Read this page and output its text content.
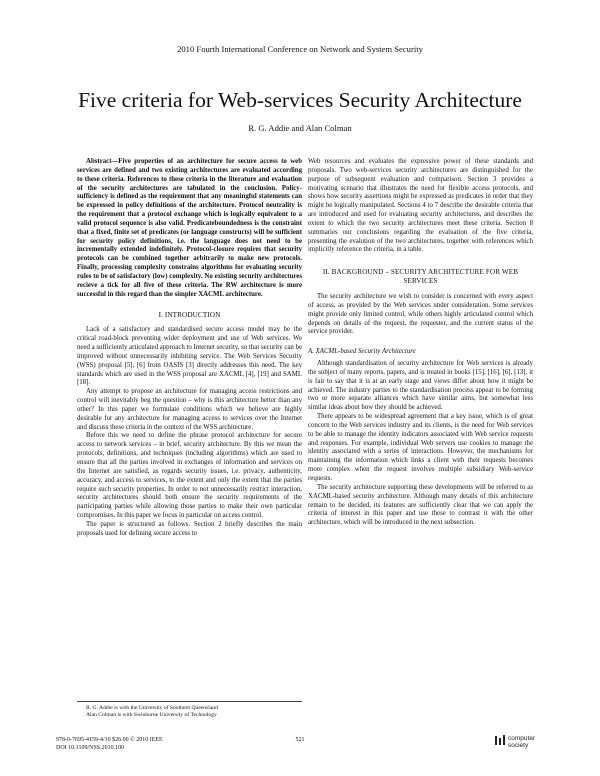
2010 Fourth International Conference on Network and System Security
Five criteria for Web-services Security Architecture
R. G. Addie and Alan Colman

Abstract—Five properties of an architecture for secure access to web services are defined and two existing architectures are evaluated according to these criteria. References to these criteria in the literature and evaluation of the security architectures are tabulated in the conclusion. Policy-sufficiency is defined as the requirement that any meaningful statements can be expressed in policy definitions of the architecture. Protocol neutrality is the requirement that a protocol exchange which is logically equivalent to a valid protocol sequence is also valid. Predicateboundedness is the constraint that a fixed, finite set of predicates (or language constructs) will be sufficient for security policy definitions, i.e. the language does not need to be incrementally extended indefinitely. Protocol-closure requires that security protocols can be combined together arbitrarily to make new protocols. Finally, processing complexity constrains algorithms for evaluating security rules to be of satisfactory (low) complexity. No existing security architectures recieve a tick for all five of these criteria. The RW architecture is more successful in this regard than the simpler XACML architecture.

I. INTRODUCTION

Lack of a satisfactory and standardised secure access model may be the critical road-block preventing wider deployment and use of Web services. We need a sufficiently articulated approach to Internet security, so that security can be improved without unnecessarily inhibiting service. The Web Services Security (WSS) proposal [5], [6] from OASIS [3] directly addresses this need. The key standards which are used in the WSS proposal are XACML [4], [19] and SAML [18].

Any attempt to propose an architecture for managing access restrictions and control will inevitably beg the question – why is this architecture better than any other? In this paper we formulate conditions which we believe are highly desirable for any architecture for managing access to services over the Internet and discuss these criteria in the context of the WSS architecture.

Before this we need to define the phrase protocol architecture for secure access to network services – in brief, security architecture. By this we mean the protocols, definitions, and techniques (including algorithms) which are used to ensure that all the parties involved in exchanges of information and services on the Internet are satisfied, as regards security issues, i.e. privacy, authenticity, accuracy, and access to services, to the extent and only the extent that the parties require such security properties. In order to not unnecessarily restrict interaction, security architectures should both ensure the security requirements of the participating parties while allowing those parties to make their own particular compromises. In this paper we focus in particular on access control.

The paper is structured as follows. Section 2 briefly describes the main proposals used for defining secure access to

R. G. Addie is with the University of Southern Queensland
Alan Colman is with Swinburne University of Technology

Web resources and evaluates the expressive power of these standards and proposals. Two web-services security architectures are distinguished for the purpose of subsequent evaluation and comparison. Section 3 provides a motivating scenario that illustrates the need for flexible access protocols, and shows how security assertions might be expressed as predicates in order that they might be logically manipulated. Sections 4 to 7 describe the desirable criteria that are introduced and used for evaluating security architectures, and describes the extent to which the two security architectures meet these criteria. Section 8 summaries our conclusions regarding the evaluation of the five criteria, presenting the evalution of the two architectures, together with references which implicitly reference the criteria, in a table.

II. BACKGROUND – SECURITY ARCHITECTURE FOR WEB
SERVICES

The security architecture we wish to consider is concerned with every aspect of access, as provided by the Web services under consideration. Some services might provide only limited control, while others highly articulated control which depends on details of the request, the requester, and the current status of the service provider.

A. XACML-based Security Architecture

Although standardisation of security architecture for Web services is already the subject of many reports, papers, and is treated in books [15], [16], [6], [13], it is fair to say that it is at an early stage and views differ about how it might be achieved. The industry parties to the standardisation process appear to be forming two or more separate alliances which have similar aims, but somewhat less similar ideas about how they should be achieved.

There appears to be widespread agreement that a key issue, which is of great concern to the Web services industry and its clients, is the need for Web services to be able to manage the identity indicators associated with Web service requests and responses. For example, individual Web servers use cookies to manage the identity associated with a series of interactions. However, the mechanisms for maintaining the information which links a client with their requests becomes more complex when the request involves multiple subsidiary Web-service requests.

The security architecture supporting these developments will be referred to as XACML-based security architecture. Although many details of this architecture remain to be decided, its features are sufficiently clear that we can apply the criteria of interest in this paper and use these to contrast it with the other architecture, which will be introduced in the next subsection.

978-0-7695-4159-4/10 $26.00 © 2010 IEEE
DOI 10.1109/NSS.2010.100
521	computer
society
